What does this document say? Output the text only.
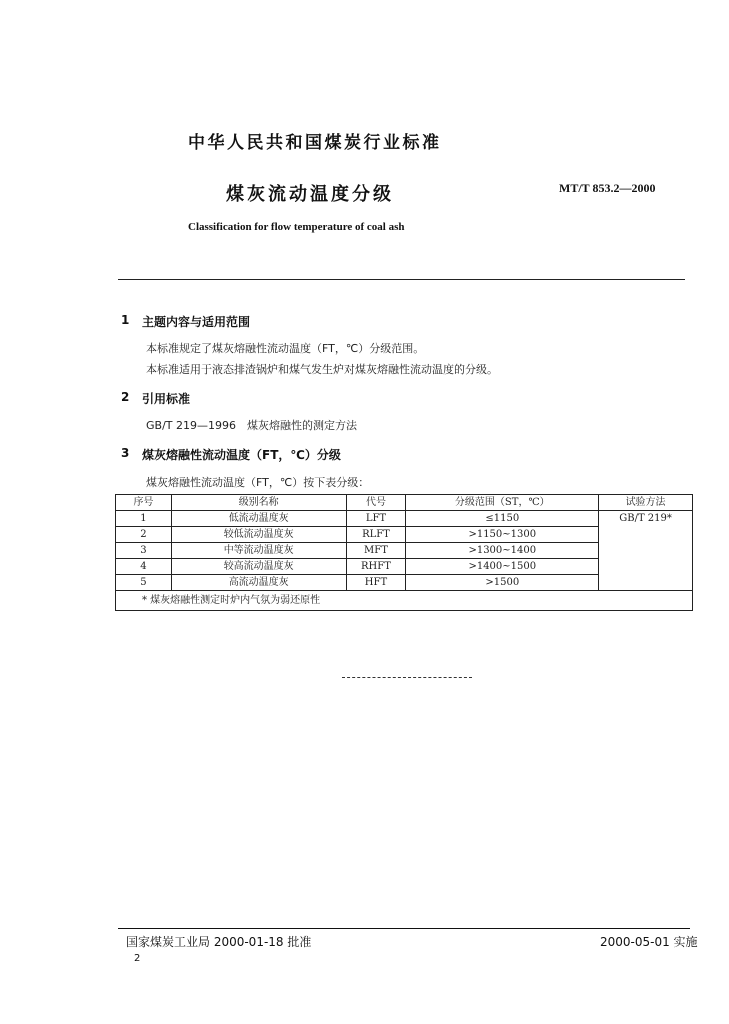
中华人民共和国煤炭行业标准
煤灰流动温度分级	MT/T 853.2—2000
Classification for flow temperature of coal ash
1 主题内容与适用范围
本标准规定了煤灰熔融性流动温度（FT，℃）分级范围。
本标准适用于液态排渣锅炉和煤气发生炉对煤灰熔融性流动温度的分级。
2 引用标准
GB/T 219—1996　煤灰熔融性的测定方法
3 煤灰熔融性流动温度（FT，℃）分级
煤灰熔融性流动温度（FT，℃）按下表分级：
序号	级别名称	代号	分级范围（ST，℃）	试验方法
1	低流动温度灰	LFT	≤1150	GB/T 219*
2	较低流动温度灰	RLFT	>1150~1300	
3	中等流动温度灰	MFT	>1300~1400	
4	较高流动温度灰	RHFT	>1400~1500	
5	高流动温度灰	HFT	>1500	
* 煤灰熔融性测定时炉内气氛为弱还原性				
国家煤炭工业局 2000-01-18 批准	2000-05-01 实施
2
